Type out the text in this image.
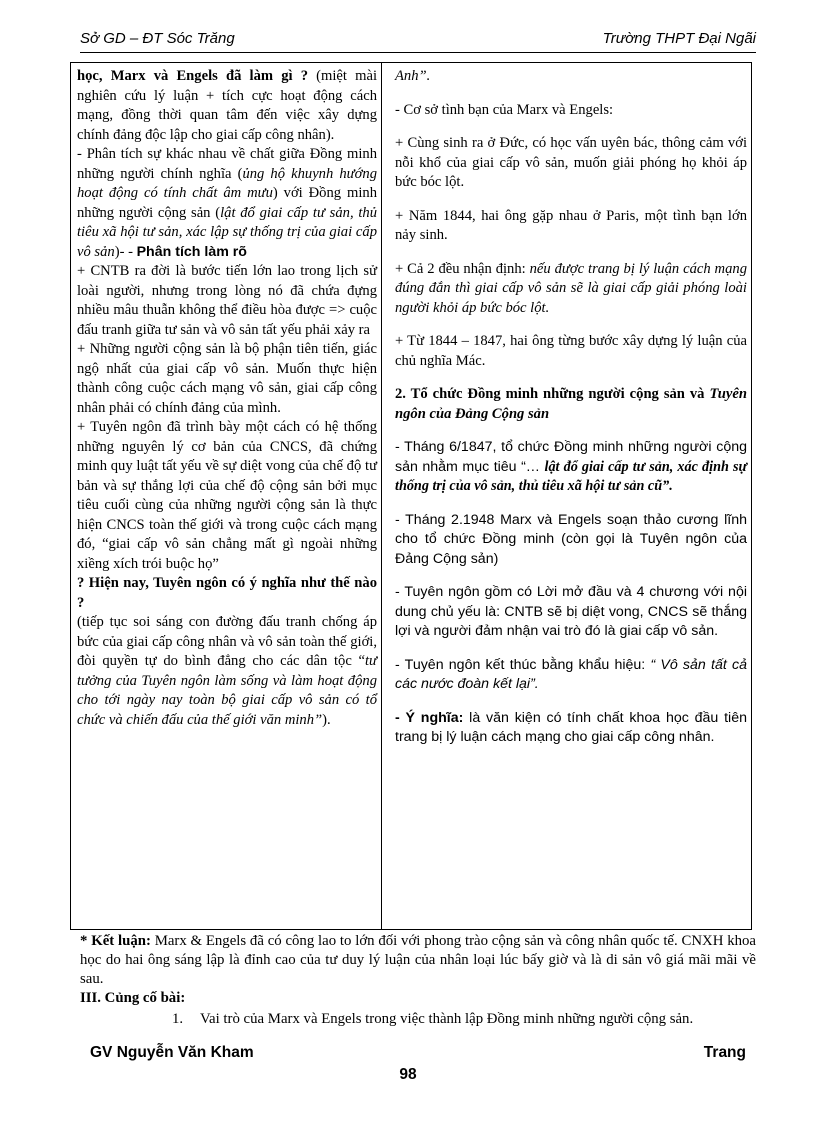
Sở GD – ĐT Sóc Trăng	Trường THPT Đại Ngãi

học, Marx và Engels đã làm gì ? (miệt mài nghiên cứu lý luận + tích cực hoạt động cách mạng, đồng thời quan tâm đến việc xây dựng chính đảng độc lập cho giai cấp công nhân).

- Phân tích sự khác nhau về chất giữa Đồng minh những người chính nghĩa (ủng hộ khuynh hướng hoạt động có tính chất âm mưu) với Đồng minh những người cộng sản (lật đổ giai cấp tư sản, thủ tiêu xã hội tư sản, xác lập sự thống trị của giai cấp vô sản)- - Phân tích làm rõ

+ CNTB ra đời là bước tiến lớn lao trong lịch sử loài người, nhưng trong lòng nó đã chứa đựng nhiều mâu thuẫn không thể điều hòa được => cuộc đấu tranh giữa tư sản và vô sản tất yếu phải xảy ra

+ Những người cộng sản là bộ phận tiên tiến, giác ngộ nhất của giai cấp vô sản. Muốn thực hiện thành công cuộc cách mạng vô sản, giai cấp công nhân phải có chính đảng của mình.

+ Tuyên ngôn đã trình bày một cách có hệ thống những nguyên lý cơ bản của CNCS, đã chứng minh quy luật tất yếu về sự diệt vong của chế độ tư bản và sự thắng lợi của chế độ cộng sản bởi mục tiêu cuối cùng của những người cộng sản là thực hiện CNCS toàn thế giới và trong cuộc cách mạng đó, “giai cấp vô sản chẳng mất gì ngoài những xiềng xích trói buộc họ”

? Hiện nay, Tuyên ngôn có ý nghĩa như thế nào ?

(tiếp tục soi sáng con đường đấu tranh chống áp bức của giai cấp công nhân và vô sản toàn thế giới, đòi quyền tự do bình đẳng cho các dân tộc “tư tưởng của Tuyên ngôn làm sống và làm hoạt động cho tới ngày nay toàn bộ giai cấp vô sản có tổ chức và chiến đấu của thế giới văn minh”).

Anh”.

- Cơ sở tình bạn của Marx và Engels:

+ Cùng sinh ra ở Đức, có học vấn uyên bác, thông cảm với nỗi khổ của giai cấp vô sản, muốn giải phóng họ khỏi áp bức bóc lột.

+ Năm 1844, hai ông gặp nhau ở Paris, một tình bạn lớn nảy sinh.

+ Cả 2 đều nhận định: nếu được trang bị lý luận cách mạng đúng đắn thì giai cấp vô sản sẽ là giai cấp giải phóng loài người khỏi áp bức bóc lột.

+ Từ 1844 – 1847, hai ông từng bước xây dựng lý luận của chủ nghĩa Mác.

2. Tổ chức Đồng minh những người cộng sản và Tuyên ngôn của Đảng Cộng sản

- Tháng 6/1847, tổ chức Đồng minh những người cộng sản nhằm mục tiêu “… lật đổ giai cấp tư sản, xác định sự thống trị của vô sản, thủ tiêu xã hội tư sản cũ”.

- Tháng 2.1948 Marx và Engels soạn thảo cương lĩnh cho tổ chức Đồng minh (còn gọi là Tuyên ngôn của Đảng Cộng sản)

- Tuyên ngôn gồm có Lời mở đầu và 4 chương với nội dung chủ yếu là: CNTB sẽ bị diệt vong, CNCS sẽ thắng lợi và người đảm nhận vai trò đó là giai cấp vô sản.

- Tuyên ngôn kết thúc bằng khẩu hiệu: “ Vô sản tất cả các nước đoàn kết lại”.

- Ý nghĩa: là văn kiện có tính chất khoa học đầu tiên trang bị lý luận cách mạng cho giai cấp công nhân.

* Kết luận: Marx & Engels đã có công lao to lớn đối với phong trào cộng sản và công nhân quốc tế. CNXH khoa học do hai ông sáng lập là đỉnh cao của tư duy lý luận của nhân loại lúc bấy giờ và là di sản vô giá mãi mãi về sau.

III. Củng cố bài:

1. Vai trò của Marx và Engels trong việc thành lập Đồng minh những người cộng sản.

GV Nguyễn Văn Kham	Trang
98
